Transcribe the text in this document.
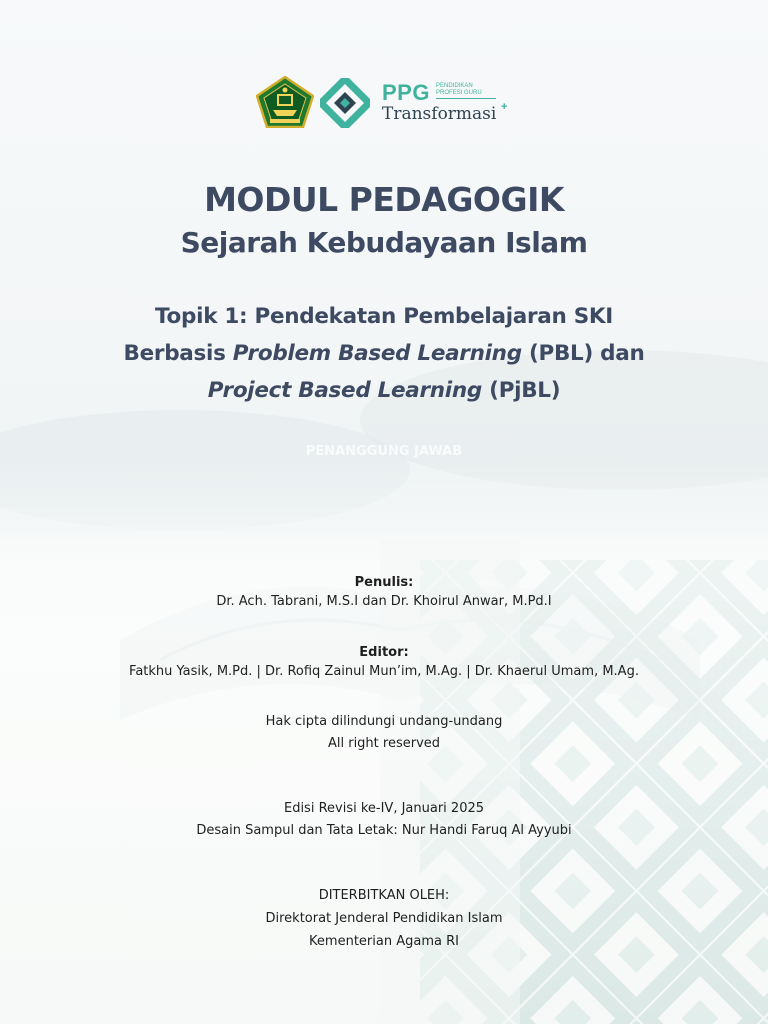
PPG PENDIDIKAN
PROFESI GURU
Transformasi +
MODUL PEDAGOGIK
Sejarah Kebudayaan Islam
Topik 1: Pendekatan Pembelajaran SKI
Berbasis Problem Based Learning (PBL) dan
Project Based Learning (PjBL)
PENANGGUNG JAWAB
Penulis:
Dr. Ach. Tabrani, M.S.I dan Dr. Khoirul Anwar, M.Pd.I
Editor:
Fatkhu Yasik, M.Pd. | Dr. Rofiq Zainul Mun’im, M.Ag. | Dr. Khaerul Umam, M.Ag.
Hak cipta dilindungi undang-undang
All right reserved
Edisi Revisi ke-IV, Januari 2025
Desain Sampul dan Tata Letak: Nur Handi Faruq Al Ayyubi
DITERBITKAN OLEH:
Direktorat Jenderal Pendidikan Islam
Kementerian Agama RI
